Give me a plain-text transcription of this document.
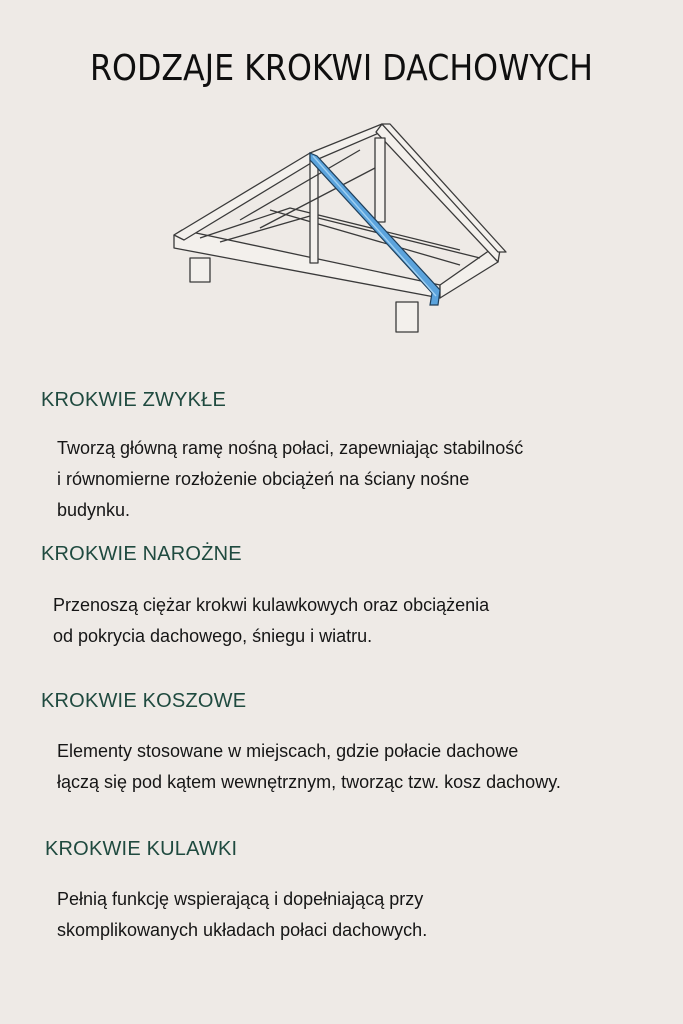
RODZAJE KROKWI DACHOWYCH
KROKWIE ZWYKŁE
Tworzą główną ramę nośną połaci, zapewniając stabilność
i równomierne rozłożenie obciążeń na ściany nośne
budynku.
KROKWIE NAROŻNE
Przenoszą ciężar krokwi kulawkowych oraz obciążenia
od pokrycia dachowego, śniegu i wiatru.
KROKWIE KOSZOWE
Elementy stosowane w miejscach, gdzie połacie dachowe
łączą się pod kątem wewnętrznym, tworząc tzw. kosz dachowy.
KROKWIE KULAWKI
Pełnią funkcję wspierającą i dopełniającą przy
skomplikowanych układach połaci dachowych.
